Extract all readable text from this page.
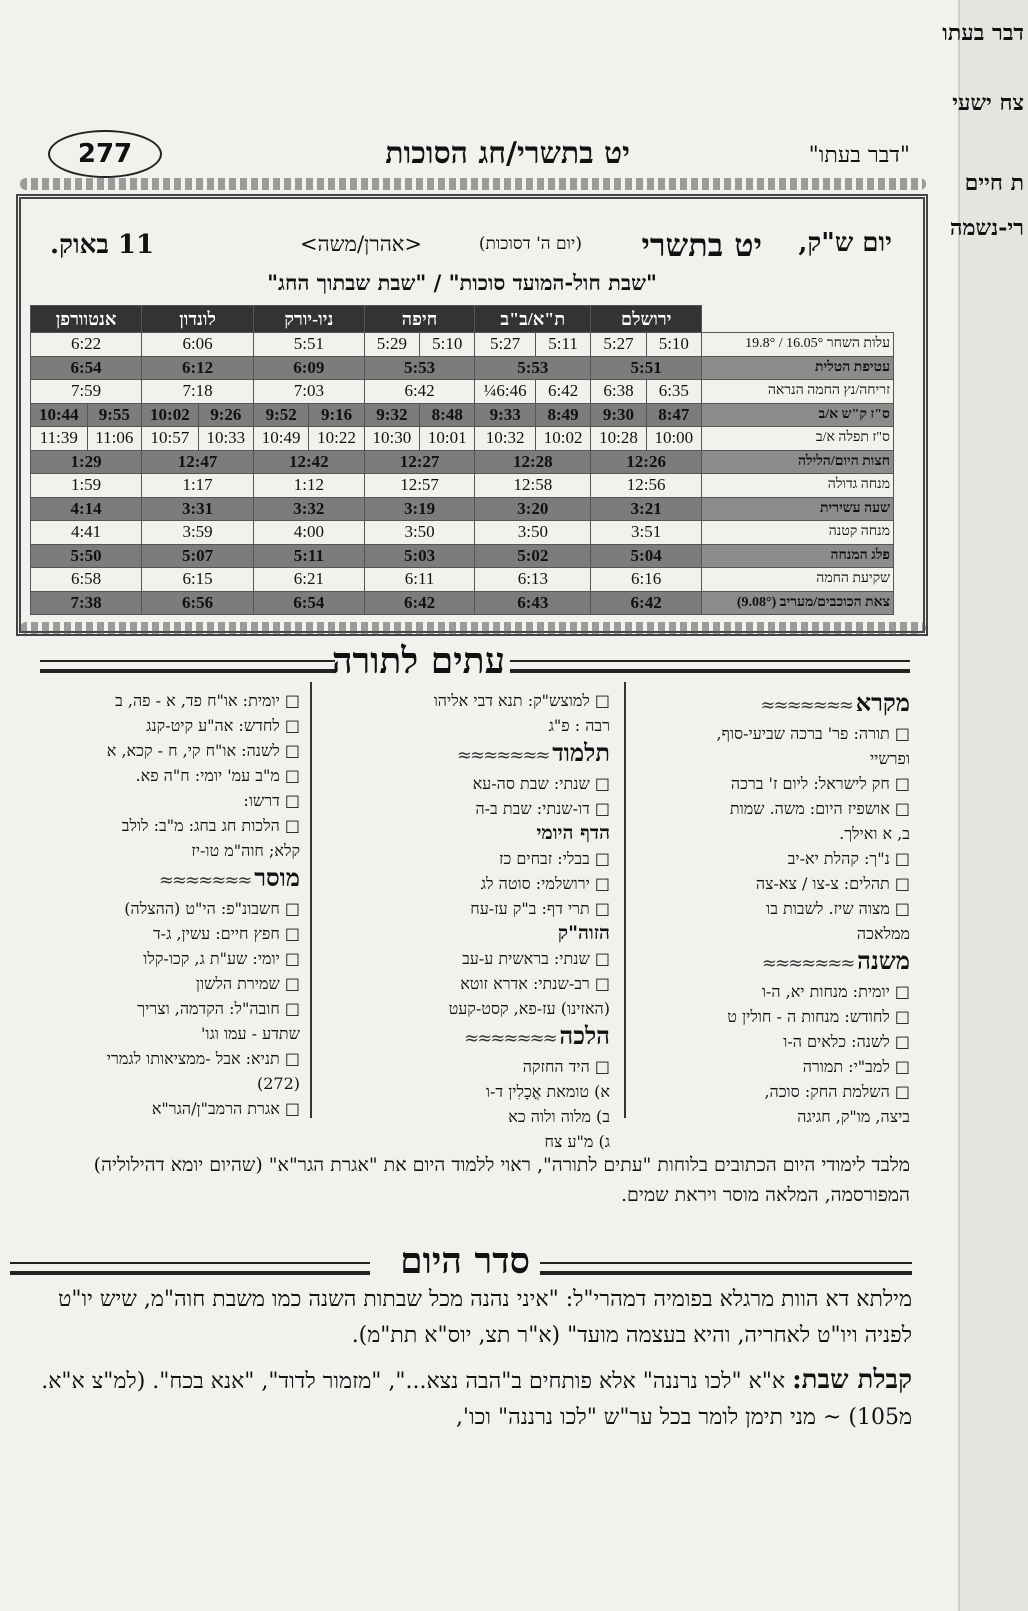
"דבר בעתו"
יט בתשרי/חג הסוכות
277
יום ש"ק,
יט בתשרי
(יום ה' דסוכות)
<אהרן/משה>
11 באוק.
"שבת חול-המועד סוכות" / "שבת שבתוך החג"
	ירושלם		ת"א/ב"ב		חיפה		ניו-יורק		לונדון		אנטוורפן	
עלות השחר 16.05° / 19.8°	5:10	5:27	5:11	5:27	5:10	5:29	5:51		6:06		6:22	
עטיפת הטלית	5:51		5:53		5:53		6:09		6:12		6:54	
זריחה/נץ החמה הנראה	6:35	6:38	6:42	6:46¼	6:42		7:03		7:18		7:59	
ס"ז ק"ש א/ב	8:47	9:30	8:49	9:33	8:48	9:32	9:16	9:52	9:26	10:02	9:55	10:44
ס"ז תפלה א/ב	10:00	10:28	10:02	10:32	10:01	10:30	10:22	10:49	10:33	10:57	11:06	11:39
חצות היום/הלילה	12:26		12:28		12:27		12:42		12:47		1:29	
מנחה גדולה	12:56		12:58		12:57		1:12		1:17		1:59	
שעה עשירית	3:21		3:20		3:19		3:32		3:31		4:14	
מנחה קטנה	3:51		3:50		3:50		4:00		3:59		4:41	
פלג המנחה	5:04		5:02		5:03		5:11		5:07		5:50	
שקיעת החמה	6:16		6:13		6:11		6:21		6:15		6:58	
צאת הכוכבים/מעריב (9.08°)	6:42		6:43		6:42		6:54		6:56		7:38	
עתים לתורה
מקרא ≈≈≈≈≈≈≈
□ תורה: פר' ברכה שביעי-סוף,
ופרשיי
□ חק לישראל: ליום ז' ברכה
□ אושפיז היום: משה. שמות
ב, א ואילך.
□ נ"ך: קהלת יא-יב
□ תהלים: צ-צו / צא-צה
□ מצוה שיז. לשבות בו
ממלאכה
משנה ≈≈≈≈≈≈≈
□ יומית: מנחות יא, ה-ו
□ לחודש: מנחות ה - חולין ט
□ לשנה: כלאים ה-ו
□ למב"י: תמורה
□ השלמת החק: סוכה,
ביצה, מו"ק, חגיגה
□ למוצש"ק: תנא דבי אליהו
רבה : פ"ג
תלמוד ≈≈≈≈≈≈≈
□ שנתי: שבת סה-עא
□ דו-שנתי: שבת ב-ה
הדף היומי
□ בבלי: זבחים כז
□ ירושלמי: סוטה לג
□ תרי דף: ב"ק עז-עח
הזוה"ק
□ שנתי: בראשית ע-עב
□ רב-שנתי: אדרא זוטא
(האזינו) עז-פא, קסט-קעט
הלכה ≈≈≈≈≈≈≈
□ היד החזקה
א) טומאת אֳכָלִין ד-ו
ב) מלוה ולוה כא
ג) מ"ע צח
□ יומית: או"ח פד, א - פה, ב
□ לחדש: אה"ע קיט-קנג
□ לשנה: או"ח קי, ח - קכא, א
□ מ"ב עמ' יומי: ח"ה פא.
□ דרשו:
□ הלכות חג בחג: מ"ב: לולב
קלא; חוה"מ טו-יז
מוסר ≈≈≈≈≈≈≈
□ חשבונ"פ: הי"ט (ההצלה)
□ חפץ חיים: עשין, ג-ד
□ יומי: שע"ת ג, קכו-קלו
□ שמירת הלשון
□ חובה"ל: הקדמה, וצריך
שתדע - עמו וגו'
□ תניא: אבל -ממציאותו לגמרי
(272)
□ אגרת הרמב"ן/הגר"א
מלבד לימודי היום הכתובים בלוחות "עתים לתורה", ראוי ללמוד היום את "אגרת הגר"א" (שהיום יומא דהילוליה) המפורסמה, המלאה מוסר ויראת שמים.
סדר היום

מילתא דא הוות מרגלא בפומיה דמהרי"ל: "איני נהנה מכל שבתות השנה כמו משבת חוה"מ, שיש יו"ט לפניה ויו"ט לאחריה, והיא בעצמה מועד" (א"ר תצ, יוס"א תת"מ).

קבלת שבת: א"א "לכו נרננה" אלא פותחים ב"הבה נצא...", "מזמור לדוד", "אנא בכח". (למ"צ א"א. מ105) ~ מני תימן לומר בכל ער"ש "לכו נרננה" וכו',

דבר בעתו
צח ישעי
ת חיים
רי-נשמה
